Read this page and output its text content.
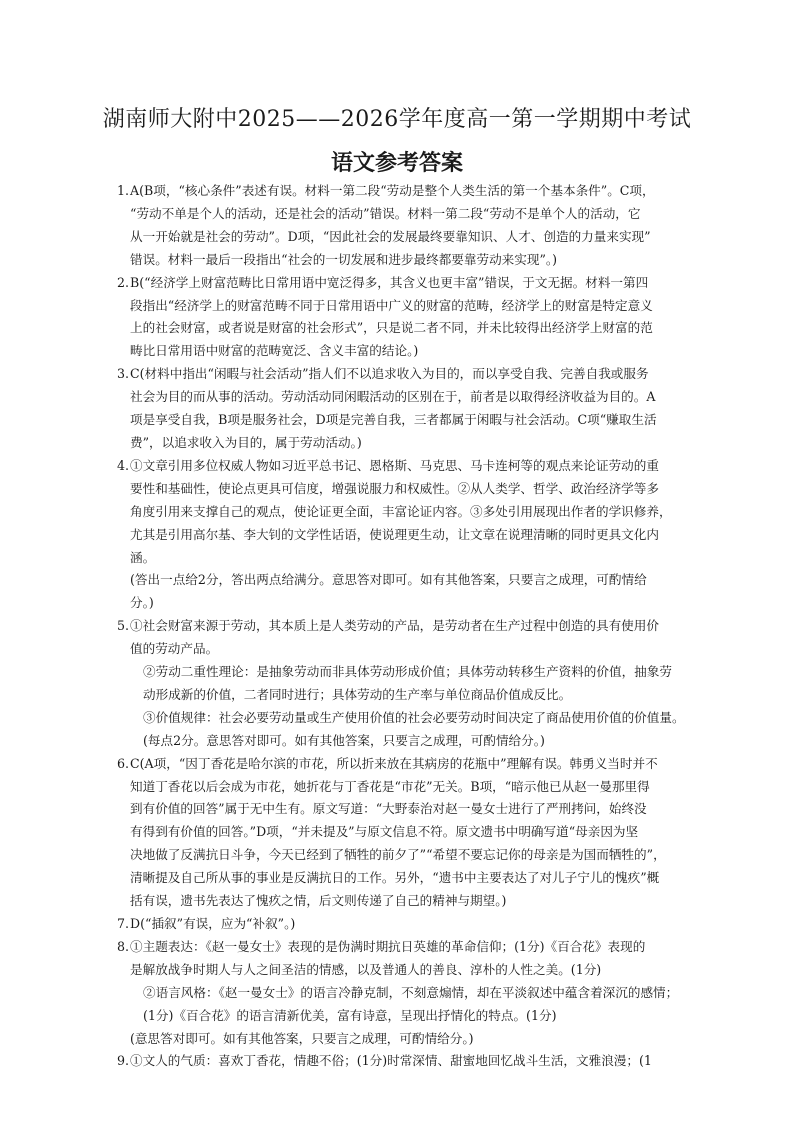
湖南师大附中2025——2026学年度高一第一学期期中考试
语文参考答案
1. A(B项，“核心条件”表述有误。材料一第二段“劳动是整个人类生活的第一个基本条件”。C项，
“劳动不单是个人的活动，还是社会的活动”错误。材料一第二段“劳动不是单个人的活动，它
从一开始就是社会的劳动”。D项，“因此社会的发展最终要靠知识、人才、创造的力量来实现”
错误。材料一最后一段指出“社会的一切发展和进步最终都要靠劳动来实现”。)
2. B(“经济学上财富范畴比日常用语中宽泛得多，其含义也更丰富”错误，于文无据。材料一第四
段指出“经济学上的财富范畴不同于日常用语中广义的财富的范畴，经济学上的财富是特定意义
上的社会财富，或者说是财富的社会形式”，只是说二者不同，并未比较得出经济学上财富的范
畴比日常用语中财富的范畴宽泛、含义丰富的结论。)
3. C(材料中指出“闲暇与社会活动”指人们不以追求收入为目的，而以享受自我、完善自我或服务
社会为目的而从事的活动。劳动活动同闲暇活动的区别在于，前者是以取得经济收益为目的。A
项是享受自我，B项是服务社会，D项是完善自我，三者都属于闲暇与社会活动。C项“赚取生活
费”，以追求收入为目的，属于劳动活动。)
4. ①文章引用多位权威人物如习近平总书记、恩格斯、马克思、马卡连柯等的观点来论证劳动的重
要性和基础性，使论点更具可信度，增强说服力和权威性。②从人类学、哲学、政治经济学等多
角度引用来支撑自己的观点，使论证更全面，丰富论证内容。③多处引用展现出作者的学识修养，
尤其是引用高尔基、李大钊的文学性话语，使说理更生动，让文章在说理清晰的同时更具文化内
涵。
(答出一点给2分，答出两点给满分。意思答对即可。如有其他答案，只要言之成理，可酌情给
分。)
5. ①社会财富来源于劳动，其本质上是人类劳动的产品，是劳动者在生产过程中创造的具有使用价
值的劳动产品。
②劳动二重性理论：是抽象劳动而非具体劳动形成价值；具体劳动转移生产资料的价值，抽象劳
动形成新的价值，二者同时进行；具体劳动的生产率与单位商品价值成反比。
③价值规律：社会必要劳动量或生产使用价值的社会必要劳动时间决定了商品使用价值的价值量。
(每点2分。意思答对即可。如有其他答案，只要言之成理，可酌情给分。)
6. C(A项，“因丁香花是哈尔滨的市花，所以折来放在其病房的花瓶中”理解有误。韩勇义当时并不
知道丁香花以后会成为市花，她折花与丁香花是“市花”无关。B项，“暗示他已从赵一曼那里得
到有价值的回答”属于无中生有。原文写道：“大野泰治对赵一曼女士进行了严刑拷问，始终没
有得到有价值的回答。”D项，“并未提及”与原文信息不符。原文遗书中明确写道“母亲因为坚
决地做了反满抗日斗争，今天已经到了牺牲的前夕了”“希望不要忘记你的母亲是为国而牺牲的”，
清晰提及自己所从事的事业是反满抗日的工作。另外，“遗书中主要表达了对儿子宁儿的愧疚”概
括有误，遗书先表达了愧疚之情，后文则传递了自己的精神与期望。)
7. D(“插叙”有误，应为“补叙”。)
8. ①主题表达：《赵一曼女士》表现的是伪满时期抗日英雄的革命信仰；(1分)《百合花》表现的
是解放战争时期人与人之间圣洁的情感，以及普通人的善良、淳朴的人性之美。(1分)
②语言风格：《赵一曼女士》的语言冷静克制，不刻意煽情，却在平淡叙述中蕴含着深沉的感情；
(1分)《百合花》的语言清新优美，富有诗意，呈现出抒情化的特点。(1分)
(意思答对即可。如有其他答案，只要言之成理，可酌情给分。)
9. ①文人的气质：喜欢丁香花，情趣不俗；(1分)时常深情、甜蜜地回忆战斗生活，文雅浪漫；(1
